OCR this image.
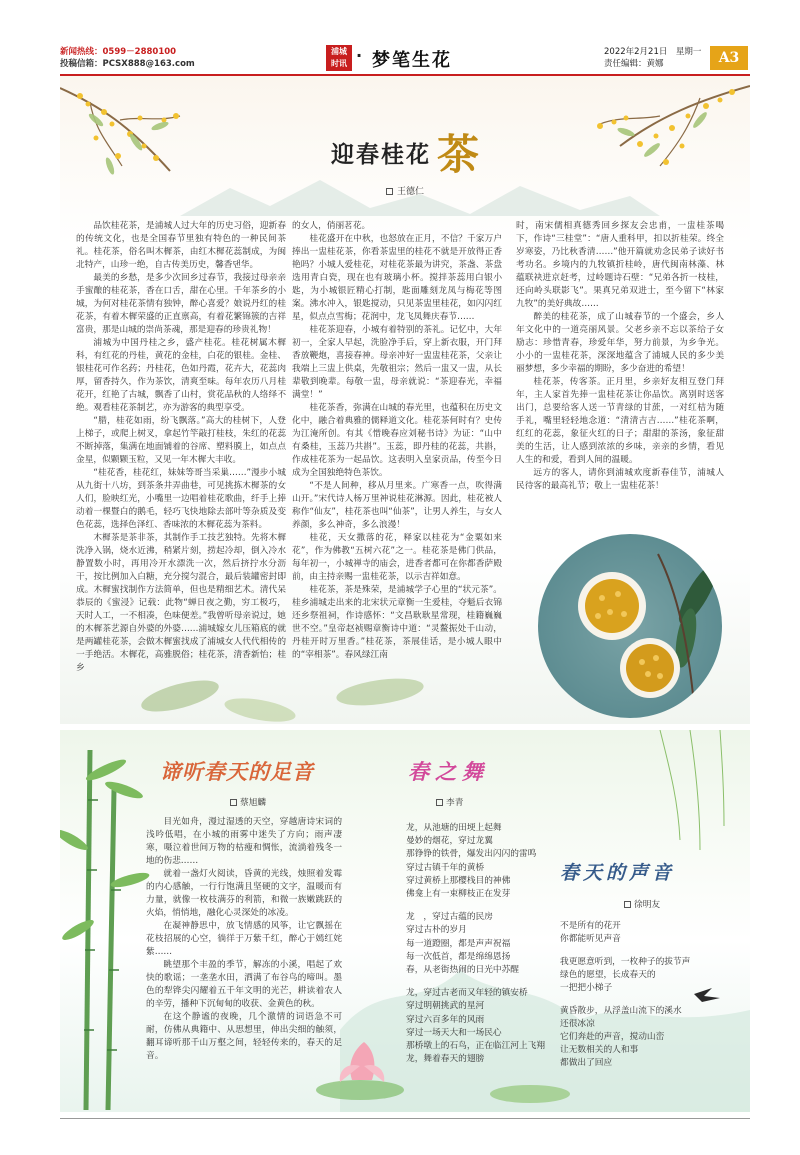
新闻热线：0599－2880100
投稿信箱：PCSX888@163.com
浦城
时讯 · 梦笔生花	2022年2月21日　星期一
责任编辑：黄娜	A3
迎春桂花 茶
王德仁

品饮桂花茶，是浦城人过大年的历史习俗，迎新春的传统文化，也是全国春节里独有特色的一种民间茶礼。桂花茶，俗名叫木樨茶，由红木樨花蕊制成，为闽北特产，山珍一绝，自古传美历史，馨香댄华。

最美的乡愁，是多少次回乡过春节，我接过母亲亲手蜜酿的桂花茶，香在口舌，甜在心里。千年茶乡的小城，为何对桂花茶情有独钟，醉心喜爱？娘说丹红的桂花茶，有着木樨荣盛的正直禀高，有着花繁锦簇的吉祥富贵，那是山城的崇尚茶魂，那是迎春的珍贵礼物！

浦城为中国丹桂之乡，盛产桂花。桂花树属木樨科，有红花的丹桂，黄花的金桂，白花的银桂。金桂、银桂花可作名药；丹桂花，色如丹霞，花卉大，花蕊肉厚，留香持久，作为茶饮，清爽至味。每年农历八月桂花开，红艳了古城，飘香了山村，赏花品秋的人络绎不绝。观看桂花茶制艺，亦为游客的典型享受。

“腊，桂花如雨，纷飞飘落。”高大的桂树下，人登上梯子，或爬上树叉，拿起竹竿敲打桂枝，朱红的花蕊不断掉落，集满在地面铺着的谷席、塑料膜上，如点点金星，似颗颗玉粒，又见一年木樨大丰收。

“桂花香，桂花红，妹妹等哥当采巢……”漫步小城从九街十八坊，到茶条井弄曲巷，可见挑拣木樨茶的女人们，脸映红光，小嘴里一边唱着桂花歌曲，纤手上捧动着一棵暨白的鹅毛，轻巧飞快地除去部叶等杂质及变色花蕊，选择色泽红、香味浓的木樨花蕊为茶料。

木樨茶是茶非茶，其制作手工技艺独特。先将木樨洗净入锅，烧水近沸，稍紧片刻，捞起冷却，倒入冷水静置数小时，再用冷开水漂洗一次，然后挤拧水分沥干，按比例加入白糖，充分搅匀混合，最后装罐密封即成。木樨蜜找制作方法简单，但也是精细艺术。清代呆恭辰的《蜜浸》记载：此物“蝉日夜之勤，穷工极巧，天时人工，一不相凑，色味便差。”我曾听母亲说过，她的木樨茶艺源自外婆的外婆……浦城嫁女儿压箱底的就是两罐桂花茶，会做木樨蜜找成了浦城女人代代相传的一手绝活。木樨花，高雅脱俗；桂花茶，清香新怡；桂乡

的女人，俏丽茗花。

桂花盛开在中秋，也怒放在正月，不信？千家万户捧出一盅桂花茶，你看茶盅里的桂花不就是开放得正香艳吗？小城人爱桂花，对桂花茶最为讲究，茶盏、茶盘选用青白瓷，现在也有玻璃小杯。搅拌茶蕊用白银小匙，为小城银匠精心打制，匙面雕刻龙凤与梅花等图案。沸水冲入，银匙搅动，只见茶盅里桂花，如闪闪红星，似点点雪梅；花润中，龙飞凤舞庆春节……

桂花茶迎春，小城有着特别的茶礼。记忆中，大年初一，全家人早起，洗脸净手后，穿上新衣服，开门拜香放鞭炮，喜接春神。母亲冲好一盅盅桂花茶，父亲让我端上三盅上供桌，先敬祖宗；然后一盅又一盅，从长辈敬到晚辈。每敬一盅，母亲就说：“茶迎春光，幸福满堂！”

桂花茶香，弥满在山城的春光里，也蕴积在历史文化中，融合着典雅的儒释道文化。桂花茶何时有？史传为江淹所创。有其《惜晚春应刘秘书诗》为证：“山中有桑桂，玉蕊乃共斟”。玉蕊，即丹桂的花蕊，共斟，作成桂花茶为一起品饮。这表明入皇家贡品，传至今日成为全国独绝特色茶饮。

“不是人间种，移从月里来。广寒香一点，吹得满山开。”宋代诗人杨万里神说桂花淋源。因此，桂花被人称作“仙友”，桂花茶也叫“仙茶”，让男人养生，与女人养颜，多么神奇，多么浪漫！

桂花，天女撒落的花，释家以桂花为“金粟如来花”，作为佛教“五树六花”之一。桂花茶是佛门供品，每年初一，小城禅寺的庙会，进香者都可在你都香萨殿前，由主持亲赐一盅桂花茶，以示吉祥如意。

桂花茶，茶是殊荣，是浦城学子心里的“状元茶”。桂乡浦城走出来的北宋状元章衡一生爱桂，夺魁后衣锦还乡祭祖祠，作诗感怀：“文昌耿耿星常现，桂籍巍巍世不空。”皇帝赵祯赐章衡诗中道：“灵鳌振处千山动，丹桂开时万里香。”桂花茶，茶展佳话，是小城人眼中的“宰相茶”。春风绿江南

时，南宋儒相真德秀回乡探友会忠甫，一盅桂茶喝下，作诗“三桂堂”：“唐人重科甲，扣以折桂荣。终全岁寒姿，乃比秋香清……”他开篇就劝念民弟子读好书考功名。乡境内的九牧镇折桂岭，唐代闽南林藻、林蕴联袂进京赶考，过岭题诗石壁：“兄弟各折一枝桂，还向岭头联影飞”。果真兄弟双进士，至今留下“林家九牧”的美好典故……

醉美的桂花茶，成了山城春节的一个盛会，乡人年文化中的一道亮丽风景。父老乡亲不忘以茶给子女励志：珍惜青春，珍爱年华，努力前景，为乡争光。小小的一盅桂花茶，深深地蕴含了浦城人民的多少美丽梦想，多少幸福的期盼，多少奋进的希望！

桂花茶，传客茶。正月里，乡亲好友相互登门拜年，主人家首先捧一盅桂花茶让你品饮。离别时送客出门，总要给客人送一节青绿的甘蔗，一对红桔为随手礼，嘴里轻轻地念道：“清清吉吉……”桂花茶啊，红红的花蕊，象征火红的日子；甜甜的茶汤，象征甜美的生活，让人感到浓浓的乡味，亲亲的乡情，看见人生的和爱，看到人间的温暖。

远方的客人，请你到浦城欢度新春佳节，浦城人民待客的最高礼节；敬上一盅桂花茶！

谛听春天的足音
蔡旭麟

目光如舟，漫过湿透的天空，穿越唐诗宋词的浅吟低唱，在小城的雨雾中迷失了方向；雨声凄寒，嗫泣着世间万物的枯瘦和惆怅，流淌着残冬一地的伤悲……

就着一盏灯火阅读，昏黄的光线，烛照着发霉的内心感触，一行行饱满且坚硬的文字，温暖而有力量，就像一枚枝满芬的利箭，和微一族嫩跳跃的火焰，悄悄地，融化心灵深处的冰凌。

在凝神静思中，放飞情感的风筝，让它飘摇在花枝招展的心空，徜徉于万紫千红，醉心于嫣红姹紫……

眺望那个丰盈的季节，解冻的小溪，唱起了欢快的歌谣；一垄垄水田，洒满了布谷鸟的啼叫。墨色的犁铧尖闪耀着五千年文明的光芒，耕读着农人的辛劳，播种下沉甸甸的收获、金黄色的秋。

在这个静谧的夜晚，几个激情的词语急不可耐，仿佛从典籍中、从思想里，伸出尖细的触须，翻耳谛听那千山万壑之间，轻轻传来的，春天的足音。

春之舞
李青
龙，从池塘的田埂上起舞
曼妙的烟花，穿过龙翼
那铮铮的铁骨，爆发出闪闪的雷鸣
穿过古镇千年的黄桥
穿过黄桥上那樱栈目的神佛
佛龛上有一束柳枝正在发芽
龙　，穿过古蕴的民房
穿过古朴的岁月
每一道蹬圈，都是声声祝福
每一次低首，都是绵绵恩扬
春，从老街热闹的日光中苏醒
龙，穿过古老而又年轻的镇安桥
穿过明朝挑武的星河
穿过六百多年的风雨
穿过一场天大和一场民心
那桥墩上的石鸟，正在临江河上飞翔
龙，舞着春天的翅膀
春天的声音
徐明友
不是所有的花开
你都能听见声音
我更愿意听到，一枚种子的拔节声
绿色的愿望，长成春天的
一把把小梯子
黄昏散步，从浮盖山流下的溪水
还很冰凉
它们奔赴的声音，搅动山峦
让无数相关的人和事
都做出了回应
